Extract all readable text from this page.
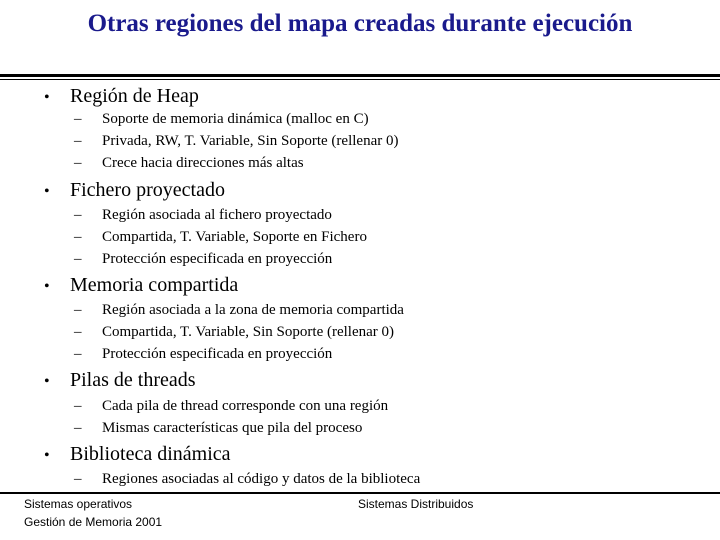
Otras regiones del mapa creadas durante ejecución
• Región de Heap
– Soporte de memoria dinámica (malloc en C)
– Privada, RW, T. Variable, Sin Soporte (rellenar 0)
– Crece hacia direcciones más altas
• Fichero proyectado
– Región asociada al fichero proyectado
– Compartida, T. Variable, Soporte en Fichero
– Protección especificada en proyección
• Memoria compartida
– Región asociada a la zona de memoria compartida
– Compartida, T. Variable, Sin Soporte (rellenar 0)
– Protección especificada en proyección
• Pilas de threads
– Cada pila de thread corresponde con una región
– Mismas características que pila del proceso
• Biblioteca dinámica
– Regiones asociadas al código y datos de la biblioteca
Sistemas operativos
Gestión de Memoria 2001
Sistemas Distribuidos
